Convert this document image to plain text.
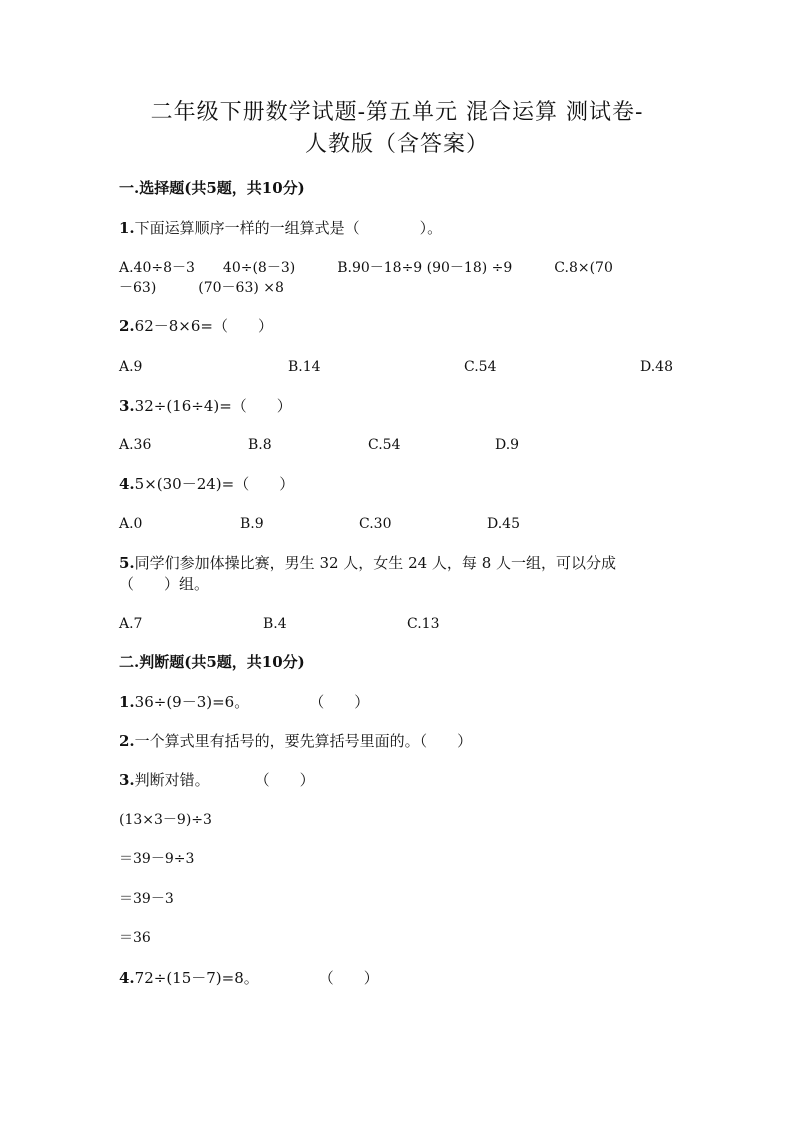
二年级下册数学试题-第五单元 混合运算 测试卷-
人教版（含答案）
一.选择题(共5题，共10分)
1.下面运算顺序一样的一组算式是（　　　　）。
A.40÷8－3　　40÷(8－3)　　　B.90－18÷9 (90－18) ÷9　　　C.8×(70
－63)　　　(70－63) ×8
2.62－8×6=（　　）
A.9	B.14	C.54	D.48
3.32÷(16÷4)=（　　）
A.36	B.8	C.54	D.9
4.5×(30－24)=（　　）
A.0	B.9	C.30	D.45
5.同学们参加体操比赛，男生 32 人，女生 24 人，每 8 人一组，可以分成
（　　）组。
A.7	B.4	C.13
二.判断题(共5题，共10分)
1.36÷(9－3)=6。　　　　　（　　）
2.一个算式里有括号的，要先算括号里面的。（　　）
3.判断对错。　　　　（　　）
(13×3－9)÷3
＝39－9÷3
＝39－3
＝36
4.72÷(15－7)=8。　　　　　（　　）
